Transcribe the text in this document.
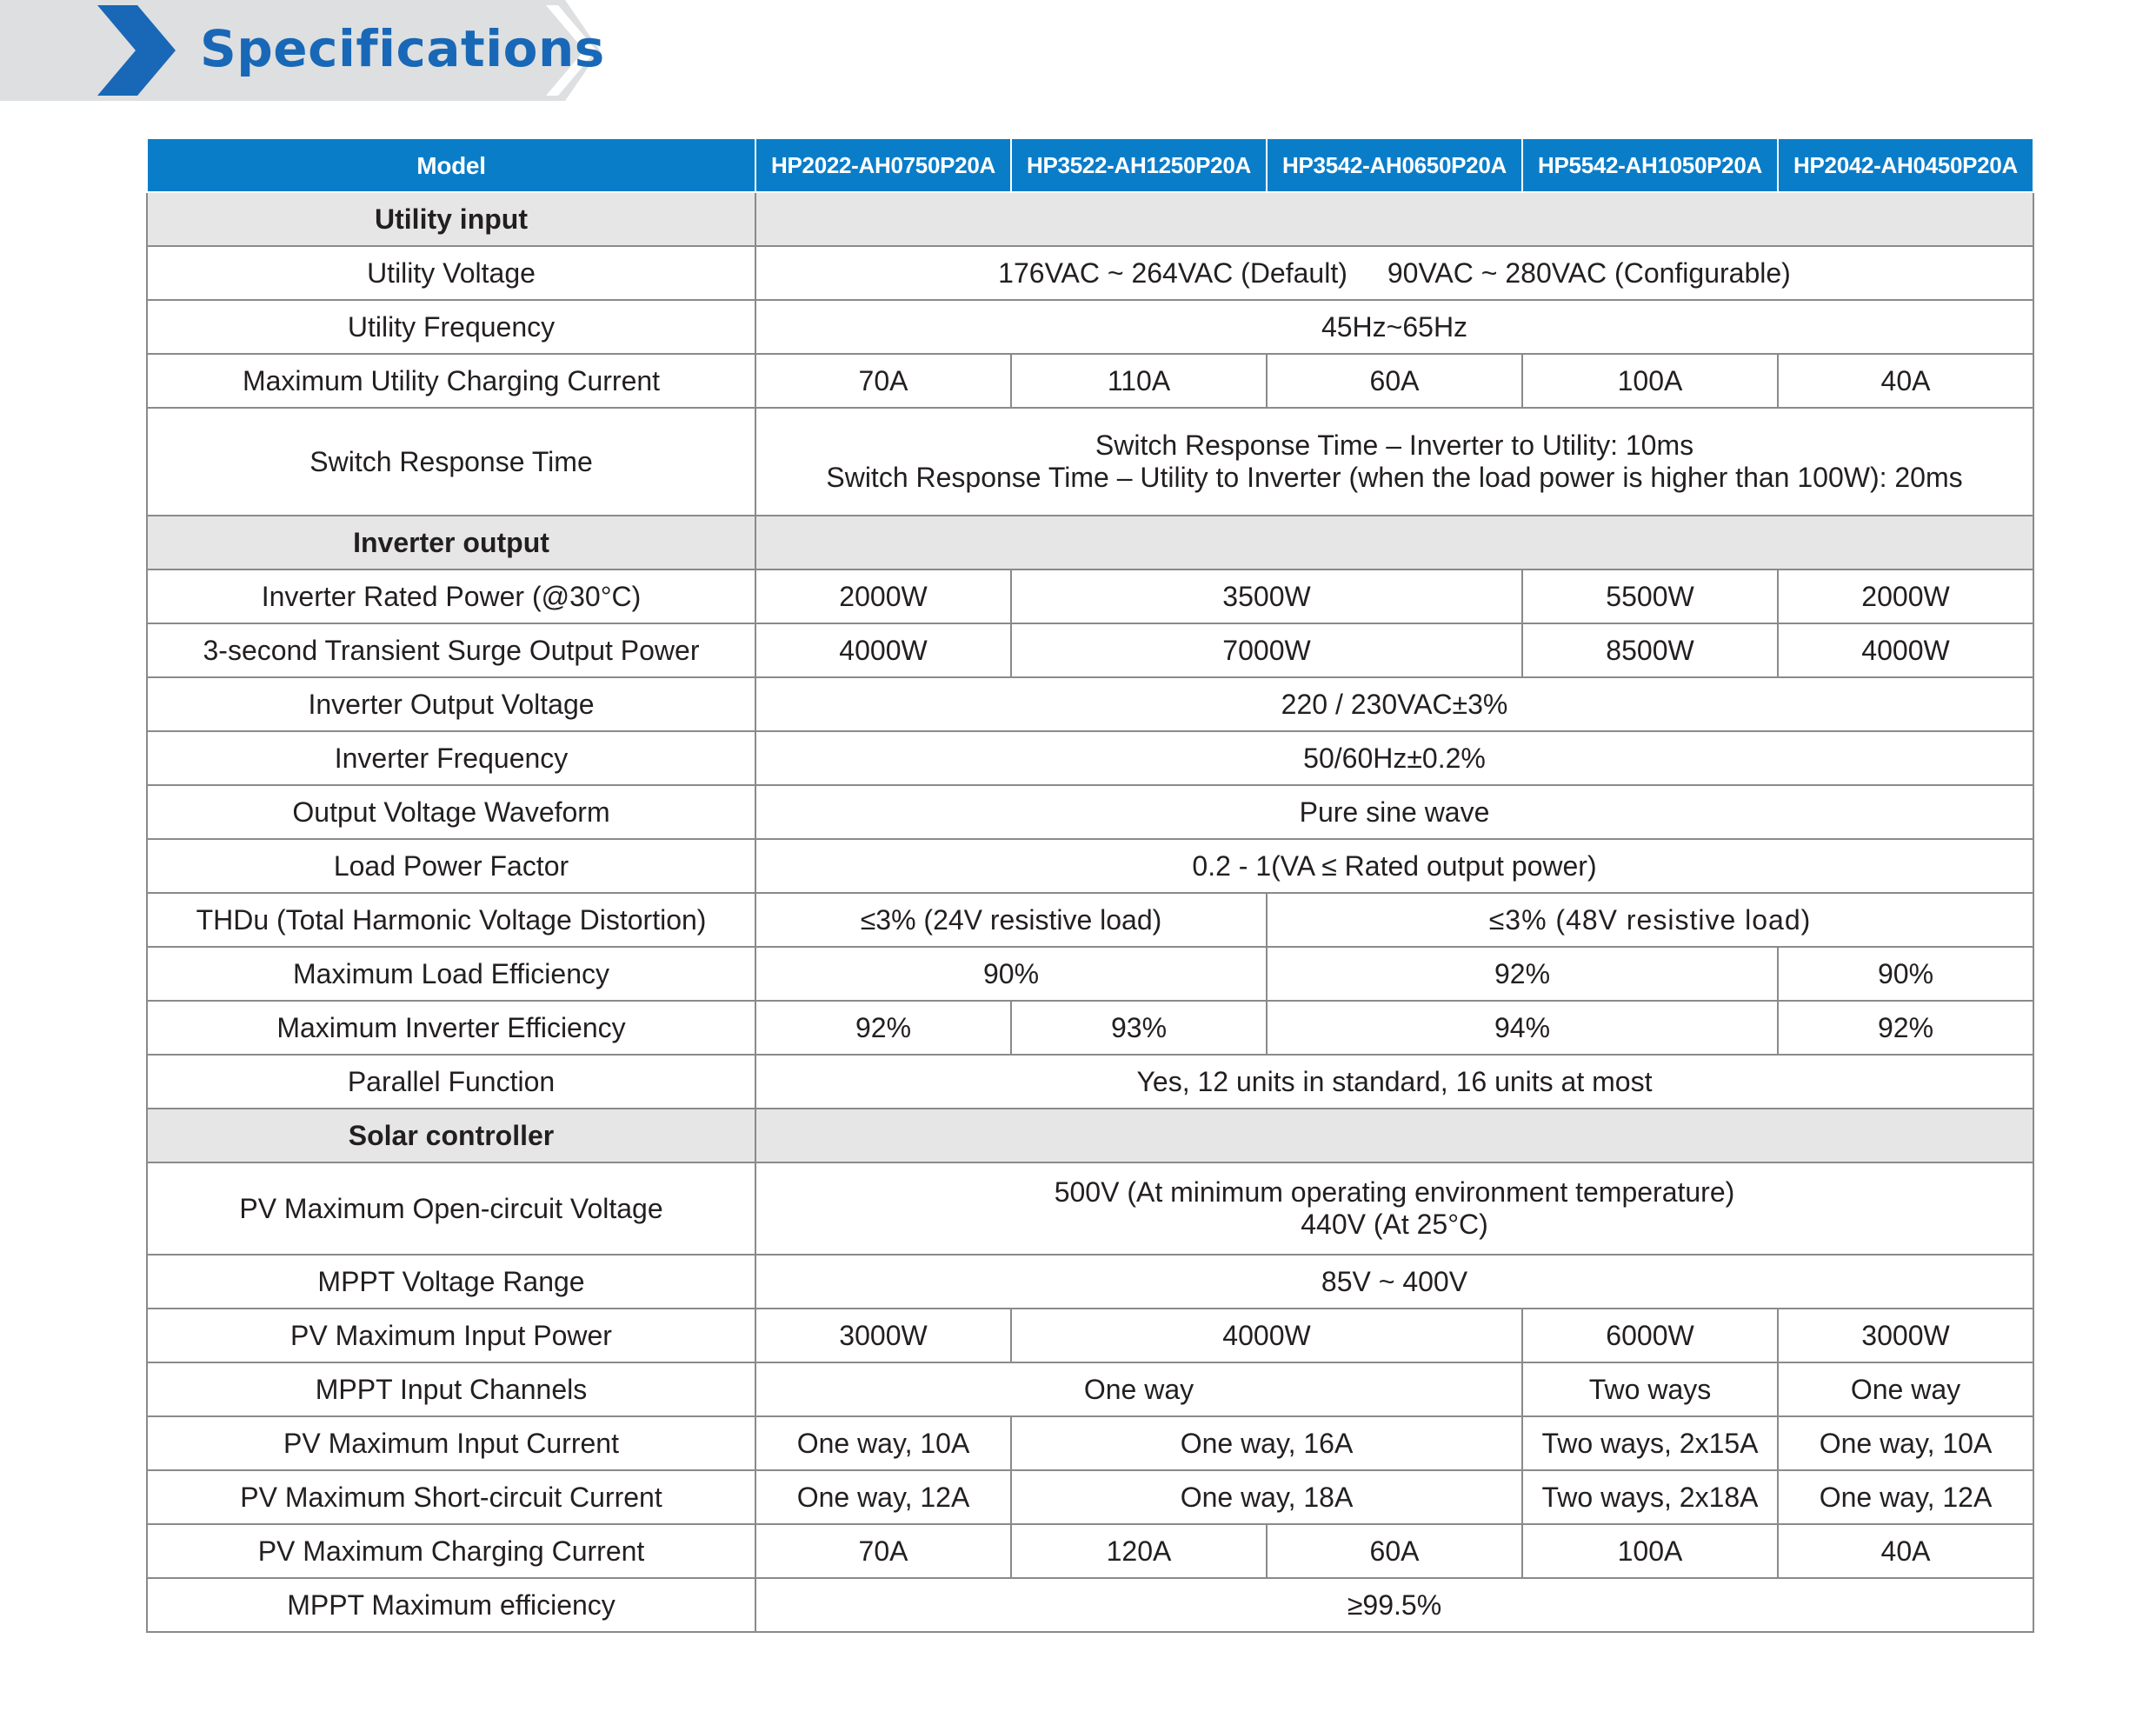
Specifications
Model	HP2022-AH0750P20A	HP3522-AH1250P20A	HP3542-AH0650P20A	HP5542-AH1050P20A	HP2042-AH0450P20A
Utility input					
Utility Voltage	176VAC ~ 264VAC (Default) 90VAC ~ 280VAC (Configurable)				
Utility Frequency	45Hz~65Hz				
Maximum Utility Charging Current	70A	110A	60A	100A	40A
Switch Response Time	Switch Response Time – Inverter to Utility: 10ms
Switch Response Time – Utility to Inverter (when the load power is higher than 100W): 20ms				

Inverter output					
Inverter Rated Power (@30°C)	2000W	3500W		5500W	2000W
3-second Transient Surge Output Power	4000W	7000W		8500W	4000W
Inverter Output Voltage	220 / 230VAC±3%				
Inverter Frequency	50/60Hz±0.2%				
Output Voltage Waveform	Pure sine wave				
Load Power Factor	0.2 - 1(VA ≤ Rated output power)				
THDu (Total Harmonic Voltage Distortion)	≤3% (24V resistive load)		≤3% (48V resistive load)		
Maximum Load Efficiency	90%		92%		90%
Maximum Inverter Efficiency	92%	93%	94%		92%
Parallel Function	Yes, 12 units in standard, 16 units at most				
Solar controller					
PV Maximum Open-circuit Voltage	500V (At minimum operating environment temperature)
440V (At 25°C)				

MPPT Voltage Range	85V ~ 400V				
PV Maximum Input Power	3000W	4000W		6000W	3000W
MPPT Input Channels	One way			Two ways	One way
PV Maximum Input Current	One way, 10A	One way, 16A		Two ways, 2x15A	One way, 10A
PV Maximum Short-circuit Current	One way, 12A	One way, 18A		Two ways, 2x18A	One way, 12A
PV Maximum Charging Current	70A	120A	60A	100A	40A
MPPT Maximum efficiency	≥99.5%				
